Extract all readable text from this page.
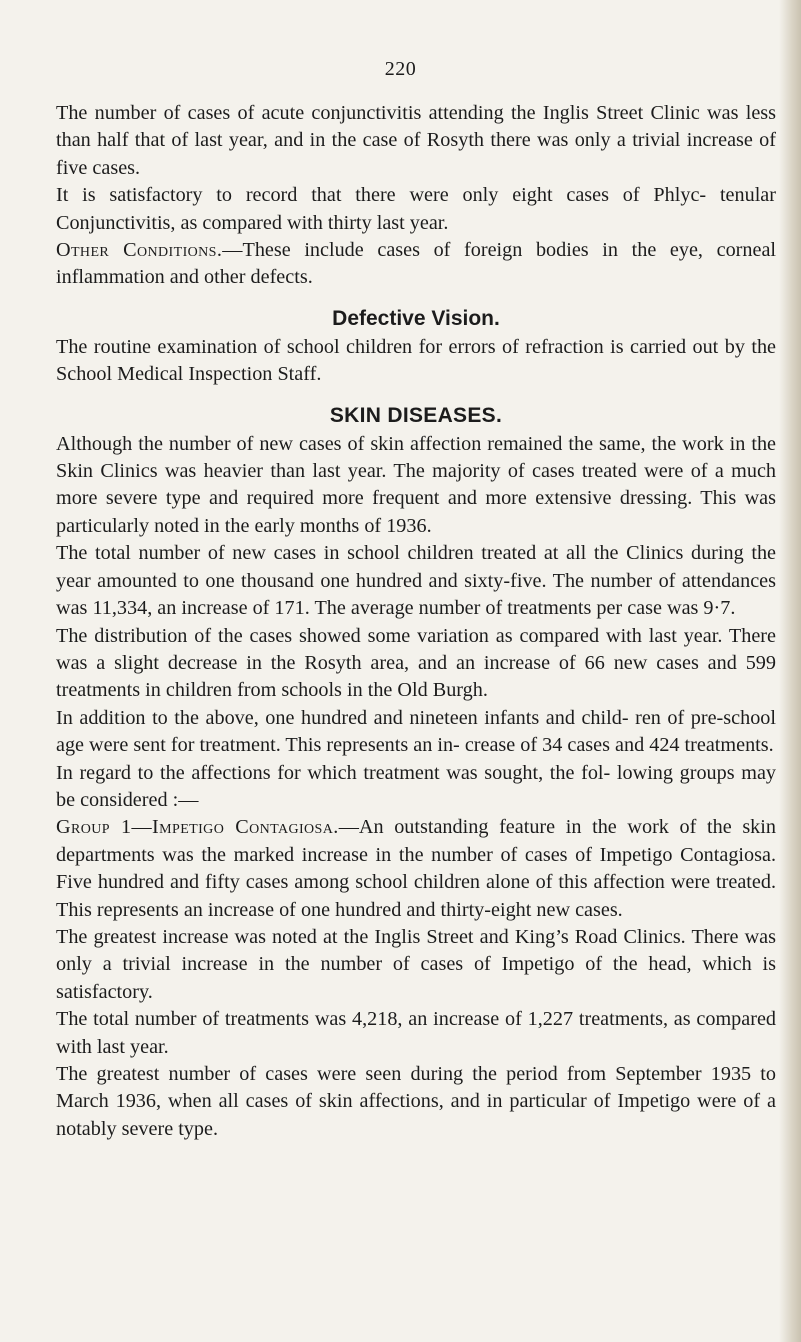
220

The number of cases of acute conjunctivitis attending the Inglis Street Clinic was less than half that of last year, and in the case of Rosyth there was only a trivial increase of five cases.

It is satisfactory to record that there were only eight cases of Phlyc- tenular Conjunctivitis, as compared with thirty last year.

Other Conditions.—These include cases of foreign bodies in the eye, corneal inflammation and other defects.

Defective Vision.

The routine examination of school children for errors of refraction is carried out by the School Medical Inspection Staff.

SKIN DISEASES.

Although the number of new cases of skin affection remained the same, the work in the Skin Clinics was heavier than last year. The majority of cases treated were of a much more severe type and required more frequent and more extensive dressing. This was particularly noted in the early months of 1936.

The total number of new cases in school children treated at all the Clinics during the year amounted to one thousand one hundred and sixty-five. The number of attendances was 11,334, an increase of 171. The average number of treatments per case was 9·7.

The distribution of the cases showed some variation as compared with last year. There was a slight decrease in the Rosyth area, and an increase of 66 new cases and 599 treatments in children from schools in the Old Burgh.

In addition to the above, one hundred and nineteen infants and child- ren of pre-school age were sent for treatment. This represents an in- crease of 34 cases and 424 treatments.

In regard to the affections for which treatment was sought, the fol- lowing groups may be considered :—

Group 1—Impetigo Contagiosa.—An outstanding feature in the work of the skin departments was the marked increase in the number of cases of Impetigo Contagiosa. Five hundred and fifty cases among school children alone of this affection were treated. This represents an increase of one hundred and thirty-eight new cases.

The greatest increase was noted at the Inglis Street and King’s Road Clinics. There was only a trivial increase in the number of cases of Impetigo of the head, which is satisfactory.

The total number of treatments was 4,218, an increase of 1,227 treatments, as compared with last year.

The greatest number of cases were seen during the period from September 1935 to March 1936, when all cases of skin affections, and in particular of Impetigo were of a notably severe type.
